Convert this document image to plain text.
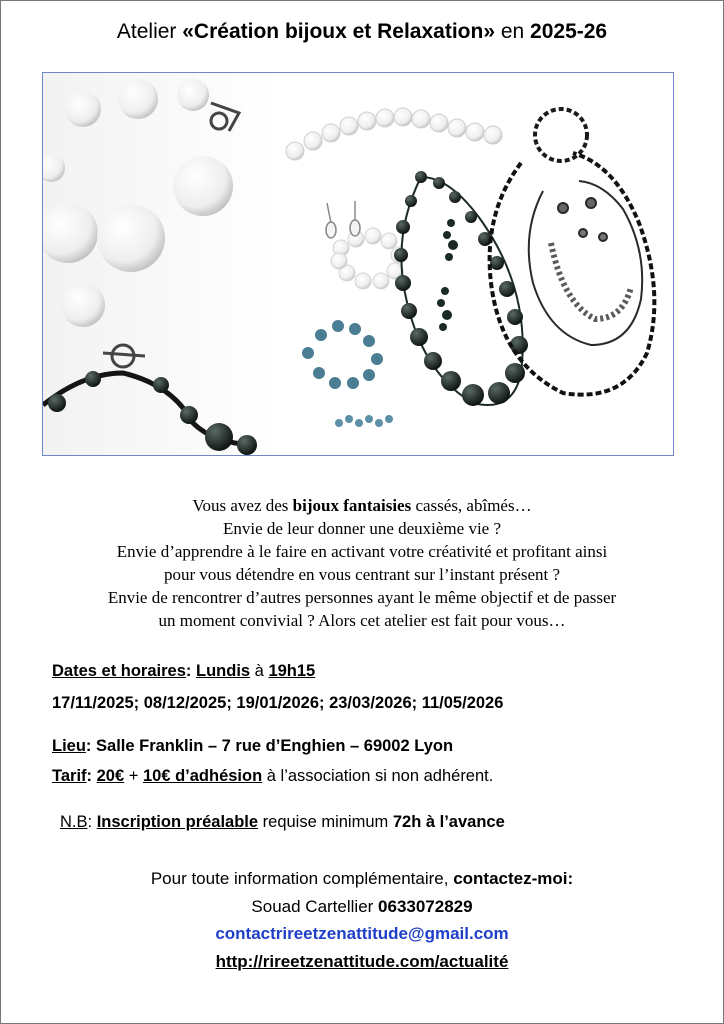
Atelier «Création bijoux et Relaxation» en 2025-26

Vous avez des bijoux fantaisies cassés, abîmés…

Envie de leur donner une deuxième vie ?

Envie d’apprendre à le faire en activant votre créativité et profitant ainsi

pour vous détendre en vous centrant sur l’instant présent ?

Envie de rencontrer d’autres personnes ayant le même objectif et de passer

un moment convivial ? Alors cet atelier est fait pour vous…

Dates et horaires: Lundis à 19h15
17/11/2025; 08/12/2025; 19/01/2026; 23/03/2026; 11/05/2026
Lieu: Salle Franklin – 7 rue d’Enghien – 69002 Lyon
Tarif: 20€ + 10€ d’adhésion à l’association si non adhérent.
N.B: Inscription préalable requise minimum 72h à l’avance
Pour toute information complémentaire, contactez-moi:
Souad Cartellier 0633072829
contactrireetzenattitude@gmail.com
http://rireetzenattitude.com/actualité
